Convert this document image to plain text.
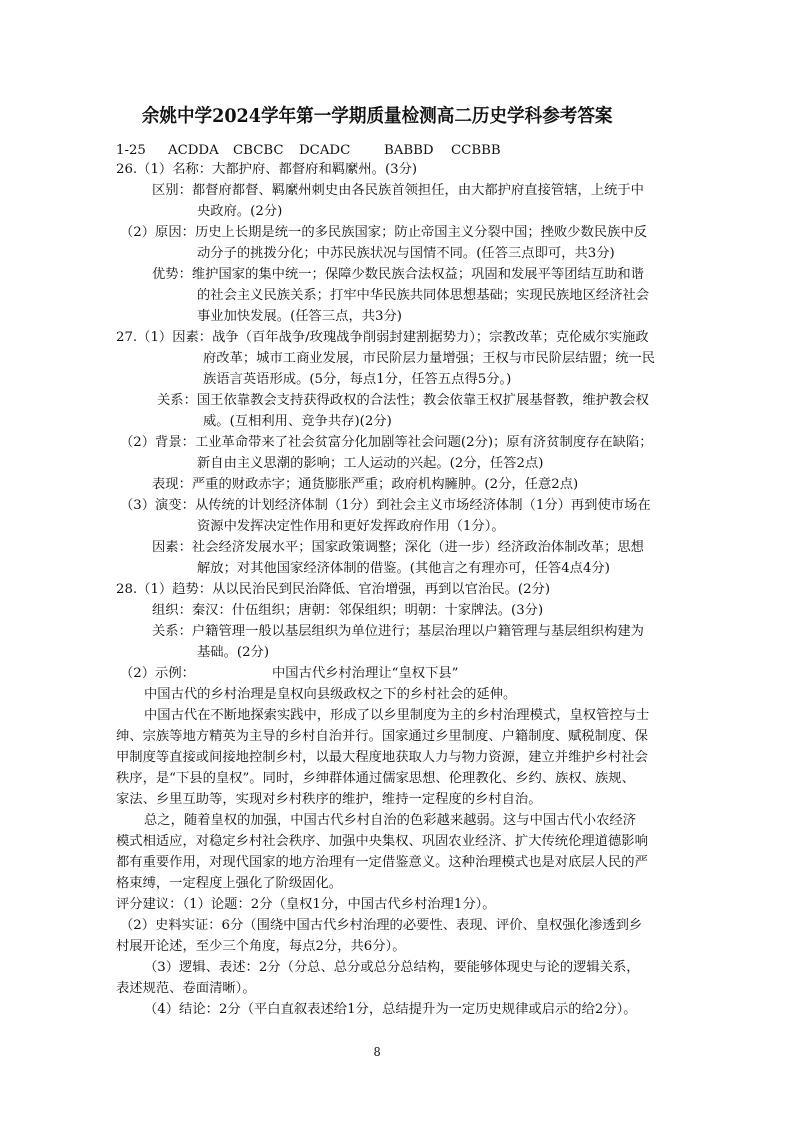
余姚中学2024学年第一学期质量检测高二历史学科参考答案
1-25 ACDDA CBCBC DCADC	BABBD CCBBB
26.（1）名称：大都护府、都督府和羁縻州。(3分)
区别：都督府都督、羁縻州刺史由各民族首领担任，由大都护府直接管辖，上统于中
央政府。(2分)
（2）原因：历史上长期是统一的多民族国家；防止帝国主义分裂中国；挫败少数民族中反
动分子的挑拨分化；中苏民族状况与国情不同。(任答三点即可，共3分)
优势：维护国家的集中统一；保障少数民族合法权益；巩固和发展平等团结互助和谐
的社会主义民族关系；打牢中华民族共同体思想基础；实现民族地区经济社会
事业加快发展。(任答三点，共3分)
27.（1）因素：战争（百年战争/玫瑰战争削弱封建割据势力）；宗教改革；克伦威尔实施政
府改革；城市工商业发展，市民阶层力量增强；王权与市民阶层结盟；统一民
族语言英语形成。(5分，每点1分，任答五点得5分。)
关系：国王依靠教会支持获得政权的合法性；教会依靠王权扩展基督教，维护教会权
威。(互相利用、竞争共存)(2分)
（2）背景：工业革命带来了社会贫富分化加剧等社会问题(2分)；原有济贫制度存在缺陷；
新自由主义思潮的影响；工人运动的兴起。(2分，任答2点)
表现：严重的财政赤字；通货膨胀严重；政府机构臃肿。(2分，任意2点)
（3）演变：从传统的计划经济体制（1分）到社会主义市场经济体制（1分）再到使市场在
资源中发挥决定性作用和更好发挥政府作用（1分）。
因素：社会经济发展水平；国家政策调整；深化（进一步）经济政治体制改革；思想
解放；对其他国家经济体制的借鉴。(其他言之有理亦可，任答4点4分)
28.（1）趋势：从以民治民到民治降低、官治增强，再到以官治民。(2分)
组织：秦汉：什伍组织；唐朝：邻保组织；明朝：十家牌法。(3分)
关系：户籍管理一般以基层组织为单位进行；基层治理以户籍管理与基层组织构建为
基础。(2分)
（2）示例：	中国古代乡村治理让“皇权下县”
中国古代的乡村治理是皇权向县级政权之下的乡村社会的延伸。
中国古代在不断地探索实践中，形成了以乡里制度为主的乡村治理模式，皇权管控与士
绅、宗族等地方精英为主导的乡村自治并行。国家通过乡里制度、户籍制度、赋税制度、保
甲制度等直接或间接地控制乡村，以最大程度地获取人力与物力资源，建立并维护乡村社会
秩序，是“下县的皇权”。同时，乡绅群体通过儒家思想、伦理教化、乡约、族权、族规、
家法、乡里互助等，实现对乡村秩序的维护，维持一定程度的乡村自治。
总之，随着皇权的加强，中国古代乡村自治的色彩越来越弱。这与中国古代小农经济
模式相适应，对稳定乡村社会秩序、加强中央集权、巩固农业经济、扩大传统伦理道德影响
都有重要作用，对现代国家的地方治理有一定借鉴意义。这种治理模式也是对底层人民的严
格束缚，一定程度上强化了阶级固化。
评分建议：（1）论题：2分（皇权1分，中国古代乡村治理1分）。
（2）史料实证：6分（围绕中国古代乡村治理的必要性、表现、评价、皇权强化渗透到乡
村展开论述，至少三个角度，每点2分，共6分）。
（3）逻辑、表述：2分（分总、总分或总分总结构，要能够体现史与论的逻辑关系，
表述规范、卷面清晰）。
（4）结论：2分（平白直叙表述给1分，总结提升为一定历史规律或启示的给2分）。
8
